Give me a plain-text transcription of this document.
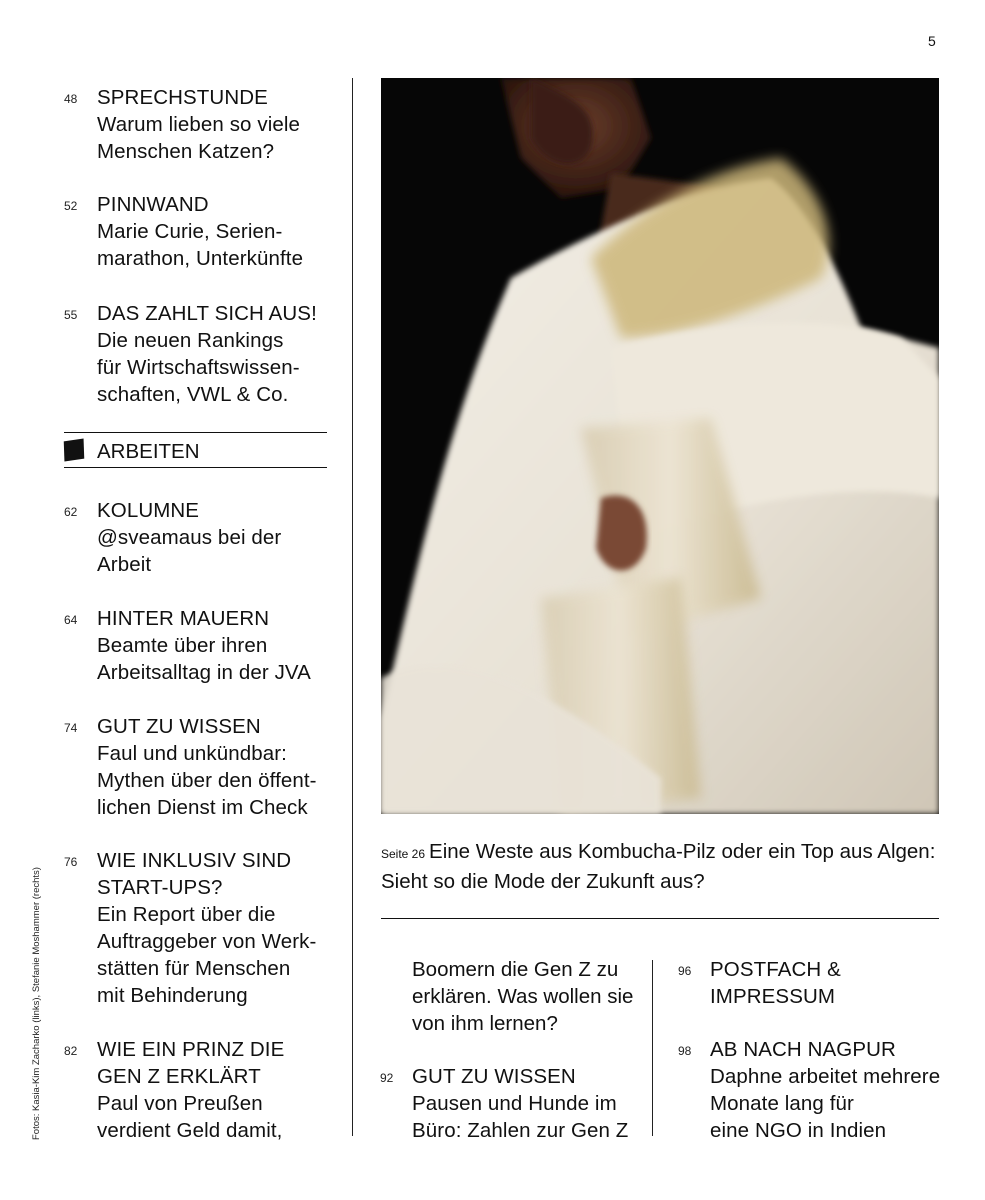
5
48 SPRECHSTUNDE
Warum lieben so viele
Menschen Katzen?
52 PINNWAND
Marie Curie, Serien-
marathon, Unterkünfte
55 DAS ZAHLT SICH AUS!
Die neuen Rankings
für Wirtschaftswissen-
schaften, VWL & Co.
ARBEITEN
62 KOLUMNE
@sveamaus bei der
Arbeit
64 HINTER MAUERN
Beamte über ihren
Arbeitsalltag in der JVA
74 GUT ZU WISSEN
Faul und unkündbar:
Mythen über den öffent-
lichen Dienst im Check
76 WIE INKLUSIV SIND
START-UPS?
Ein Report über die
Auftraggeber von Werk-
stätten für Menschen
mit Behinderung
82 WIE EIN PRINZ DIE
GEN Z ERKLÄRT
Paul von Preußen
verdient Geld damit,
Fotos: Kasia-Kim Zacharko (links), Stefanie Moshammer (rechts)
Seite 26 Eine Weste aus Kombucha-Pilz oder ein Top aus Algen: Sieht so die Mode der Zukunft aus?
Boomern die Gen Z zu
erklären. Was wollen sie
von ihm lernen?
92 GUT ZU WISSEN
Pausen und Hunde im
Büro: Zahlen zur Gen Z
96 POSTFACH &
IMPRESSUM
98 AB NACH NAGPUR
Daphne arbeitet mehrere
Monate lang für
eine NGO in Indien
